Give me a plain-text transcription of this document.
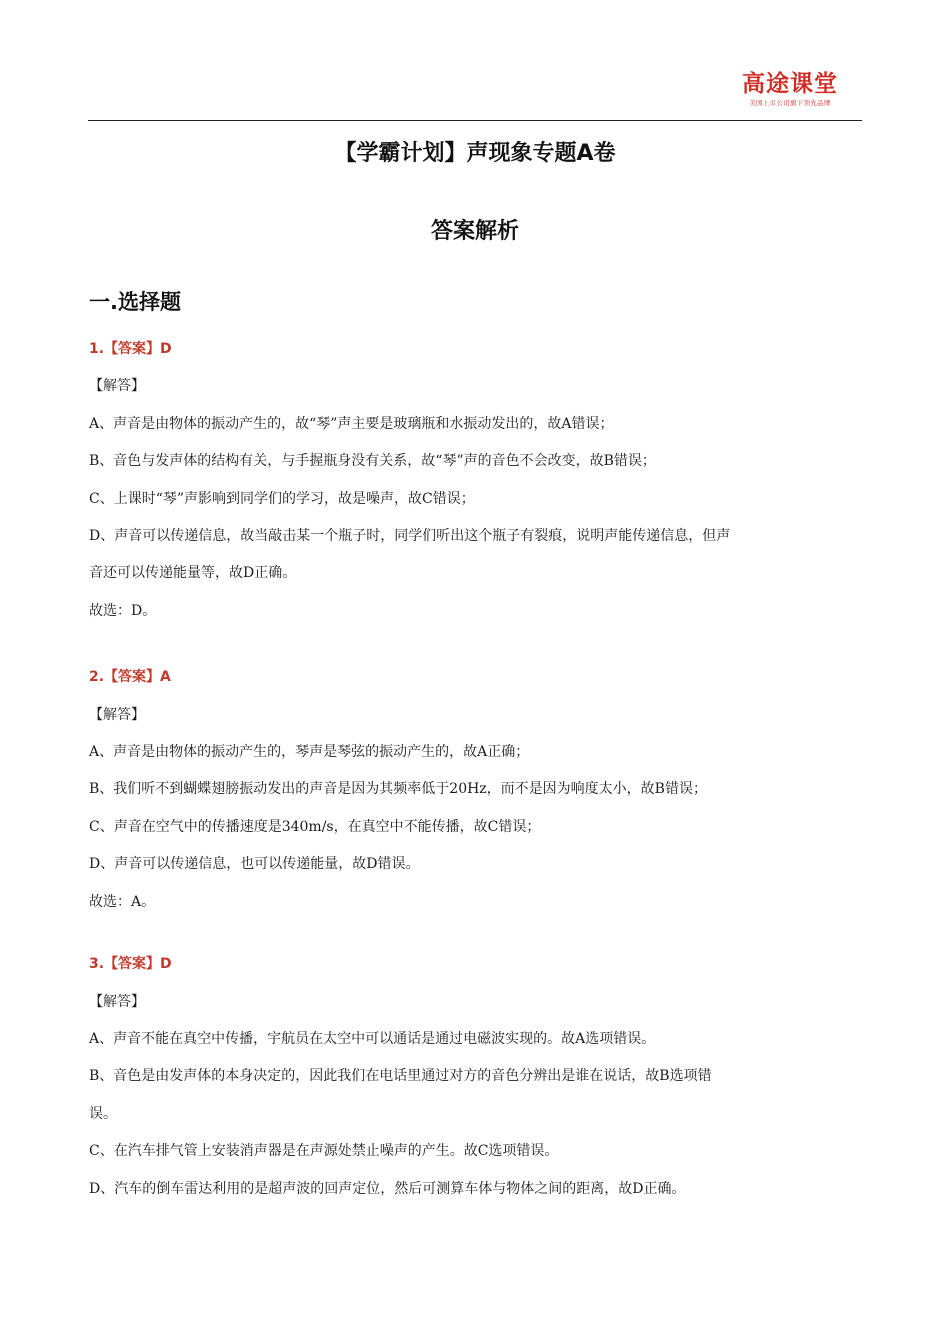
高途课堂
美国上市公司旗下领先品牌
【学霸计划】声现象专题A卷
答案解析
一.选择题

1.【答案】D

【解答】

A、声音是由物体的振动产生的，故“琴”声主要是玻璃瓶和水振动发出的，故A错误；

B、音色与发声体的结构有关，与手握瓶身没有关系，故“琴”声的音色不会改变，故B错误；

C、上课时“琴”声影响到同学们的学习，故是噪声，故C错误；

D、声音可以传递信息，故当敲击某一个瓶子时，同学们听出这个瓶子有裂痕，说明声能传递信息，但声

音还可以传递能量等，故D正确。

故选：D。

2.【答案】A

【解答】

A、声音是由物体的振动产生的，琴声是琴弦的振动产生的，故A正确；

B、我们听不到蝴蝶翅膀振动发出的声音是因为其频率低于20Hz，而不是因为响度太小，故B错误；

C、声音在空气中的传播速度是340m/s，在真空中不能传播，故C错误；

D、声音可以传递信息，也可以传递能量，故D错误。

故选：A。

3.【答案】D

【解答】

A、声音不能在真空中传播，宇航员在太空中可以通话是通过电磁波实现的。故A选项错误。

B、音色是由发声体的本身决定的，因此我们在电话里通过对方的音色分辨出是谁在说话，故B选项错

误。

C、在汽车排气管上安装消声器是在声源处禁止噪声的产生。故C选项错误。

D、汽车的倒车雷达利用的是超声波的回声定位，然后可测算车体与物体之间的距离，故D正确。
